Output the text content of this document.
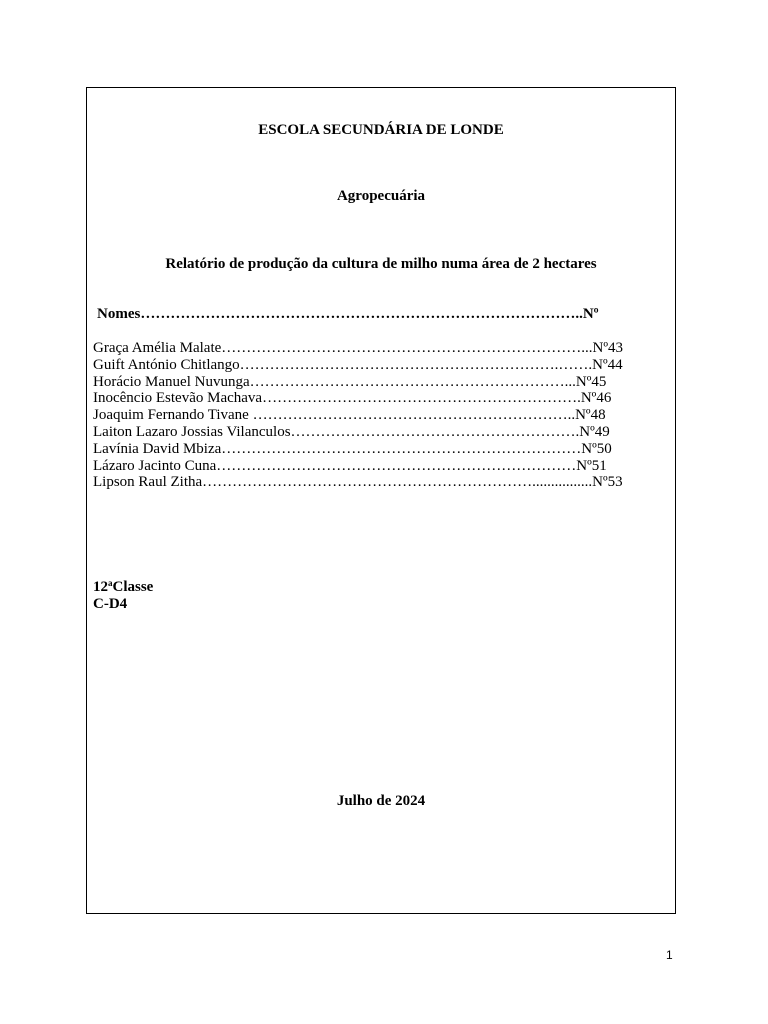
ESCOLA SECUNDÁRIA DE LONDE
Agropecuária
Relatório de produção da cultura de milho numa área de 2 hectares
Nomes……………………………………………………………………………..Nº
Graça Amélia Malate………………………………………………………………...Nº43
Guift António Chitlango……………………………………………………….…….Nº44
Horácio Manuel Nuvunga………………………………………………………...Nº45
Inocêncio Estevão Machava……………………………………………………….Nº46
Joaquim Fernando Tivane ………………………………………………………..Nº48
Laiton Lazaro Jossias Vilanculos………………………………………………….Nº49
Lavínia David Mbiza………………………………………………………………Nº50
Lázaro Jacinto Cuna………………………………………………………………Nº51
Lipson Raul Zitha…………………………………………………………................Nº53
12$^a$Classe
C-D4
Julho de 2024
1
